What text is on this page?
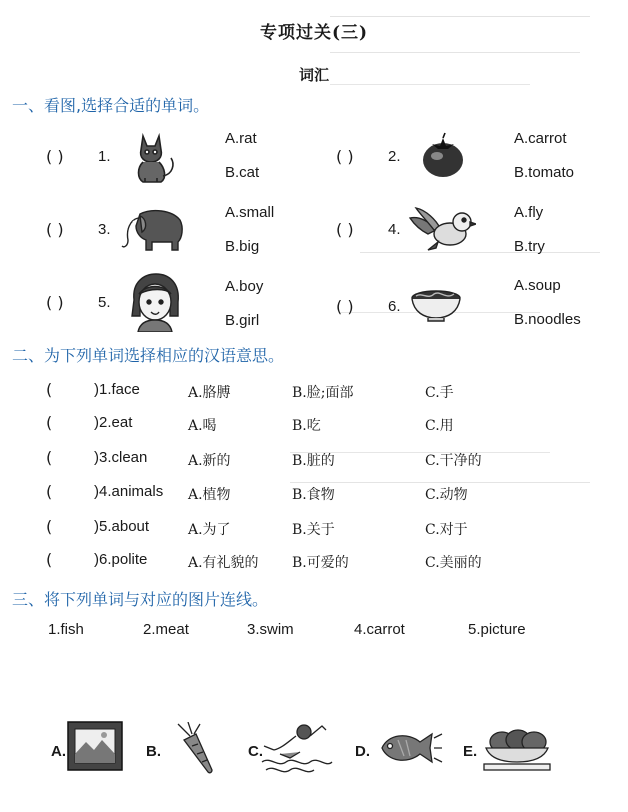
专项过关(三)
词汇
一、看图,选择合适的单词。
( ) 1.
A.rat
B.cat
( ) 2.
A.carrot
B.tomato
( ) 3.
A.small
B.big
( ) 4.
A.fly
B.try
( ) 5.
A.boy
B.girl
( ) 6.
A.soup
B.noodles
二、为下列单词选择相应的汉语意思。
(	)1.face	A.胳膊	B.脸;面部	C.手
(	)2.eat	A.喝	B.吃	C.用
(	)3.clean	A.新的	B.脏的	C.干净的
(	)4.animals A.植物	B.食物	C.动物
(	)5.about	A.为了	B.关于	C.对于
(	)6.polite	A.有礼貌的 B.可爱的	C.美丽的
三、将下列单词与对应的图片连线。
1.fish	2.meat	3.swim	4.carrot	5.picture
A.	B.	C.	D.	E.
